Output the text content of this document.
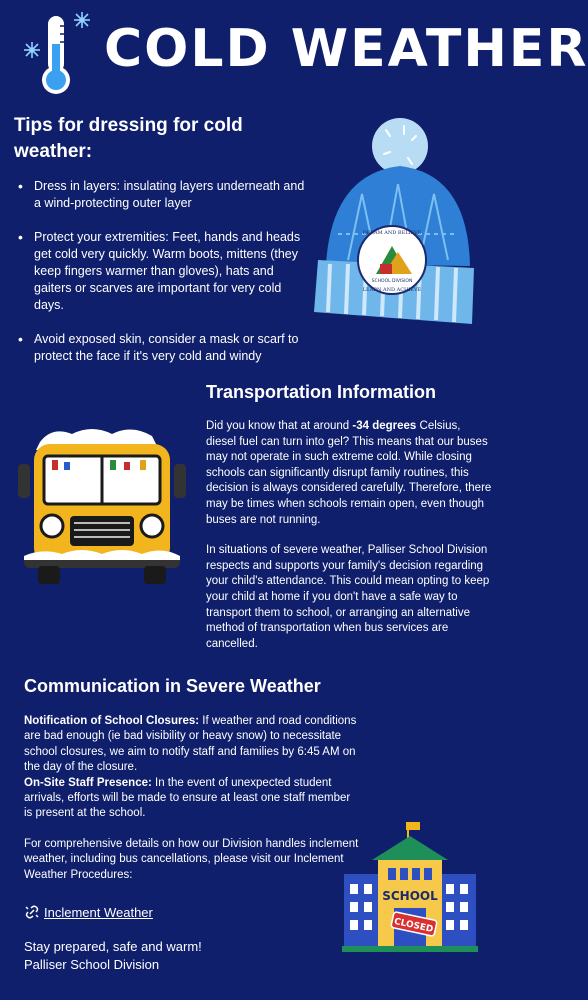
COLD WEATHER
Tips for dressing for cold weather:
• Dress in layers: insulating layers underneath and a wind-protecting outer layer
• Protect your extremities: Feet, hands and heads get cold very quickly. Warm boots, mittens (they keep fingers warmer than gloves), hats and gaiters or scarves are important for very cold days.
• Avoid exposed skin, consider a mask or scarf to protect the face if it's very cold and windy
DREAM AND BELIEVE
SCHOOL DIVISION
LEARN AND ACHIEVE
Transportation Information

Did you know that at around -34 degrees Celsius, diesel fuel can turn into gel? This means that our buses may not operate in such extreme cold. While closing schools can significantly disrupt family routines, this decision is always considered carefully. Therefore, there may be times when schools remain open, even though buses are not running.

In situations of severe weather, Palliser School Division respects and supports your family's decision regarding your child's attendance. This could mean opting to keep your child at home if you don't have a safe way to transport them to school, or arranging an alternative method of transportation when bus services are cancelled.

Communication in Severe Weather

Notification of School Closures: If weather and road conditions are bad enough (ie bad visibility or heavy snow) to necessitate school closures, we aim to notify staff and families by 6:45 AM on the day of the closure.

On-Site Staff Presence: In the event of unexpected student arrivals, efforts will be made to ensure at least one staff member is present at the school.

For comprehensive details on how our Division handles inclement weather, including bus cancellations, please visit our Inclement Weather Procedures:

Inclement Weather
Stay prepared, safe and warm!
Palliser School Division
SCHOOL
CLOSED
